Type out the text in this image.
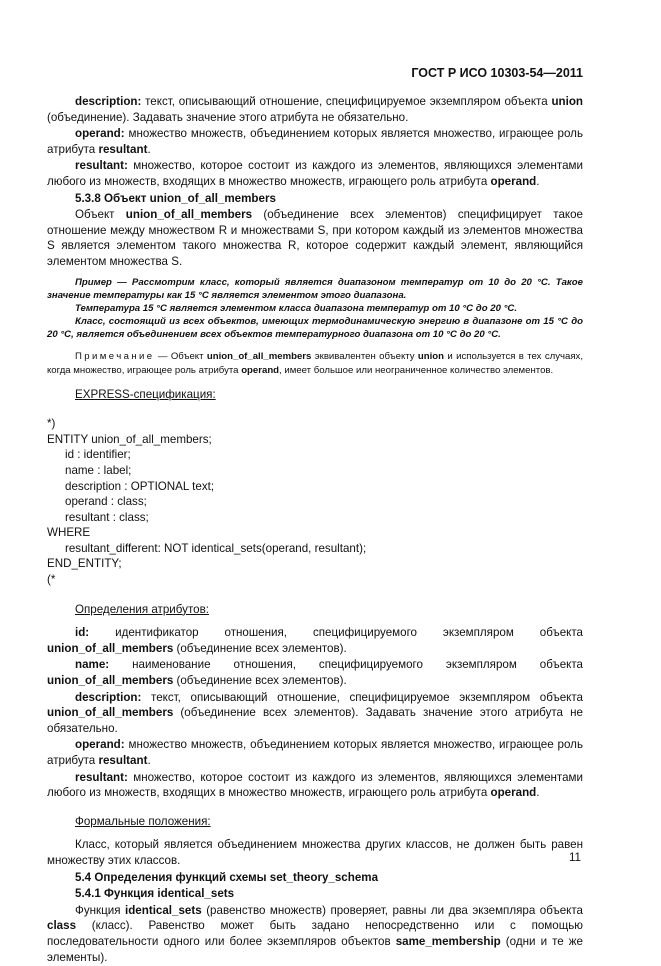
ГОСТ Р ИСО 10303-54—2011

description: текст, описывающий отношение, специфицируемое экземпляром объекта union (объединение). Задавать значение этого атрибута не обязательно.

operand: множество множеств, объединением которых является множество, играющее роль атрибута resultant.

resultant: множество, которое состоит из каждого из элементов, являющихся элементами любого из множеств, входящих в множество множеств, играющего роль атрибута operand.

5.3.8 Объект union_of_all_members

Объект union_of_all_members (объединение всех элементов) специфицирует такое отношение между множеством R и множествами S, при котором каждый из элементов множества S является элементом такого множества R, которое содержит каждый элемент, являющийся элементом множества S.

Пример — Рассмотрим класс, который является диапазоном температур от 10 до 20 °С. Такое значение температуры как 15 °С является элементом этого диапазона.

Температура 15 °С является элементом класса диапазона температур от 10 °С до 20 °С.

Класс, состоящий из всех объектов, имеющих термодинамическую энергию в диапазоне от 15 °С до 20 °С, является объединением всех объектов температурного диапазона от 10 °С до 20 °С.

Примечание — Объект union_of_all_members эквивалентен объекту union и используется в тех случаях, когда множество, играющее роль атрибута operand, имеет большое или неограниченное количество элементов.

EXPRESS-спецификация:
*)
ENTITY union_of_all_members;
id : identifier;
name : label;
description : OPTIONAL text;
operand : class;
resultant : class;
WHERE
resultant_different: NOT identical_sets(operand, resultant);
END_ENTITY;
(*
Определения атрибутов:

id: идентификатор отношения, специфицируемого экземпляром объекта union_of_all_members (объединение всех элементов).

name: наименование отношения, специфицируемого экземпляром объекта union_of_all_members (объединение всех элементов).

description: текст, описывающий отношение, специфицируемое экземпляром объекта union_of_all_members (объединение всех элементов). Задавать значение этого атрибута не обязательно.

operand: множество множеств, объединением которых является множество, играющее роль атрибута resultant.

resultant: множество, которое состоит из каждого из элементов, являющихся элементами любого из множеств, входящих в множество множеств, играющего роль атрибута operand.

Формальные положения:

Класс, который является объединением множества других классов, не должен быть равен множеству этих классов.

5.4 Определения функций схемы set_theory_schema

5.4.1 Функция identical_sets

Функция identical_sets (равенство множеств) проверяет, равны ли два экземпляра объекта class (класс). Равенство может быть задано непосредственно или с помощью последовательности одного или более экземпляров объектов same_membership (одни и те же элементы).

11
